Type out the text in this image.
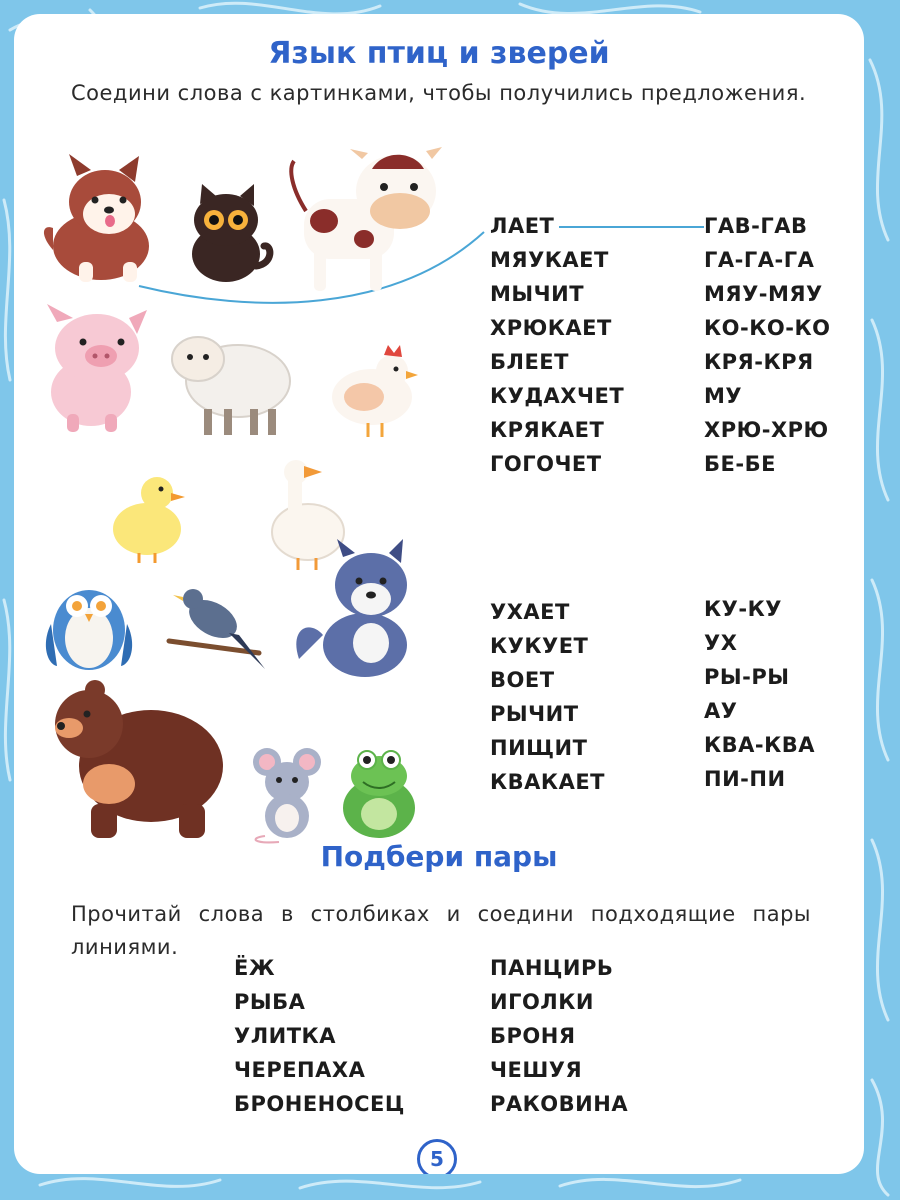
Язык птиц и зверей
Соедини слова с картинками, чтобы получились предложения.
ЛАЕТ
МЯУКАЕТ
МЫЧИТ
ХРЮКАЕТ
БЛЕЕТ
КУДАХЧЕТ
КРЯКАЕТ
ГОГОЧЕТ
ГАВ-ГАВ
ГА-ГА-ГА
МЯУ-МЯУ
КО-КО-КО
КРЯ-КРЯ
МУ
ХРЮ-ХРЮ
БЕ-БЕ
УХАЕТ
КУКУЕТ
ВОЕТ
РЫЧИТ
ПИЩИТ
КВАКАЕТ
КУ-КУ
УХ
РЫ-РЫ
АУ
КВА-КВА
ПИ-ПИ
Подбери пары
Прочитай слова в столбиках и соедини подходящие пары линиями.
ЁЖ
РЫБА
УЛИТКА
ЧЕРЕПАХА
БРОНЕНОСЕЦ
ПАНЦИРЬ
ИГОЛКИ
БРОНЯ
ЧЕШУЯ
РАКОВИНА
5
